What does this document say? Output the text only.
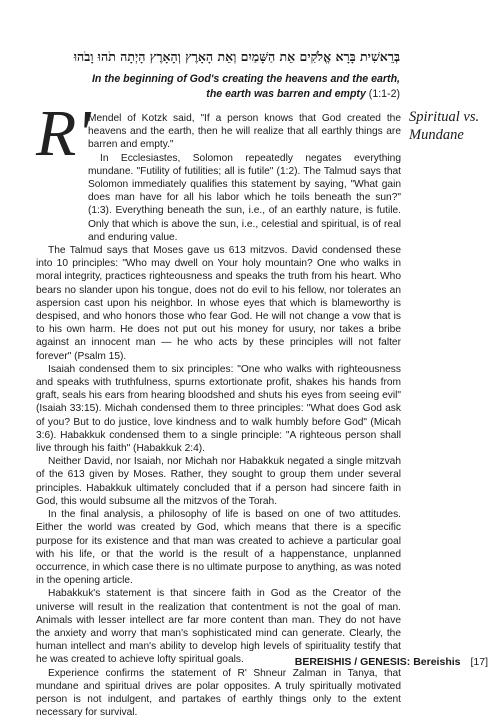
בְּרֵאשִׁית בָּרָא אֱלֹקִים אֵת הַשָּׁמַיִם וְאֵת הָאָרֶץ וְהָאָרֶץ הָיְתָה תֹהוּ וָבֹהוּ
In the beginning of God's creating the heavens and the earth,
the earth was barren and empty (1:1-2)
Spiritual vs. Mundane
R'

Mendel of Kotzk said, "If a person knows that God created the heavens and the earth, then he will realize that all earthly things are barren and empty."

In Ecclesiastes, Solomon repeatedly negates everything mundane. "Futility of futilities; all is futile" (1:2). The Talmud says that Solomon immediately qualifies this statement by saying, "What gain does man have for all his labor which he toils beneath the sun?" (1:3). Everything beneath the sun, i.e., of an earthly nature, is futile. Only that which is above the sun, i.e., celestial and spiritual, is of real and enduring value.

The Talmud says that Moses gave us 613 mitzvos. David condensed these into 10 principles: "Who may dwell on Your holy mountain? One who walks in moral integrity, practices righteousness and speaks the truth from his heart. Who bears no slander upon his tongue, does not do evil to his fellow, nor tolerates an aspersion cast upon his neighbor. In whose eyes that which is blameworthy is despised, and who honors those who fear God. He will not change a vow that is to his own harm. He does not put out his money for usury, nor takes a bribe against an innocent man — he who acts by these principles will not falter forever" (Psalm 15).

Isaiah condensed them to six principles: "One who walks with righteousness and speaks with truthfulness, spurns extortionate profit, shakes his hands from graft, seals his ears from hearing bloodshed and shuts his eyes from seeing evil" (Isaiah 33:15). Michah condensed them to three principles: "What does God ask of you? But to do justice, love kindness and to walk humbly before God" (Micah 3:6). Habakkuk condensed them to a single principle: "A righteous person shall live through his faith" (Habakkuk 2:4).

Neither David, nor Isaiah, nor Michah nor Habakkuk negated a single mitzvah of the 613 given by Moses. Rather, they sought to group them under several principles. Habakkuk ultimately concluded that if a person had sincere faith in God, this would subsume all the mitzvos of the Torah.

In the final analysis, a philosophy of life is based on one of two attitudes. Either the world was created by God, which means that there is a specific purpose for its existence and that man was created to achieve a particular goal with his life, or that the world is the result of a happenstance, unplanned occurrence, in which case there is no ultimate purpose to anything, as was noted in the opening article.

Habakkuk's statement is that sincere faith in God as the Creator of the universe will result in the realization that contentment is not the goal of man. Animals with lesser intellect are far more content than man. They do not have the anxiety and worry that man's sophisticated mind can generate. Clearly, the human intellect and man's ability to develop high levels of spirituality testify that he was created to achieve lofty spiritual goals.

Experience confirms the statement of R' Shneur Zalman in Tanya, that mundane and spiritual drives are polar opposites. A truly spiritually motivated person is not indulgent, and partakes of earthly things only to the extent necessary for survival.

BEREISHIS / GENESIS: Bereishis [17]
